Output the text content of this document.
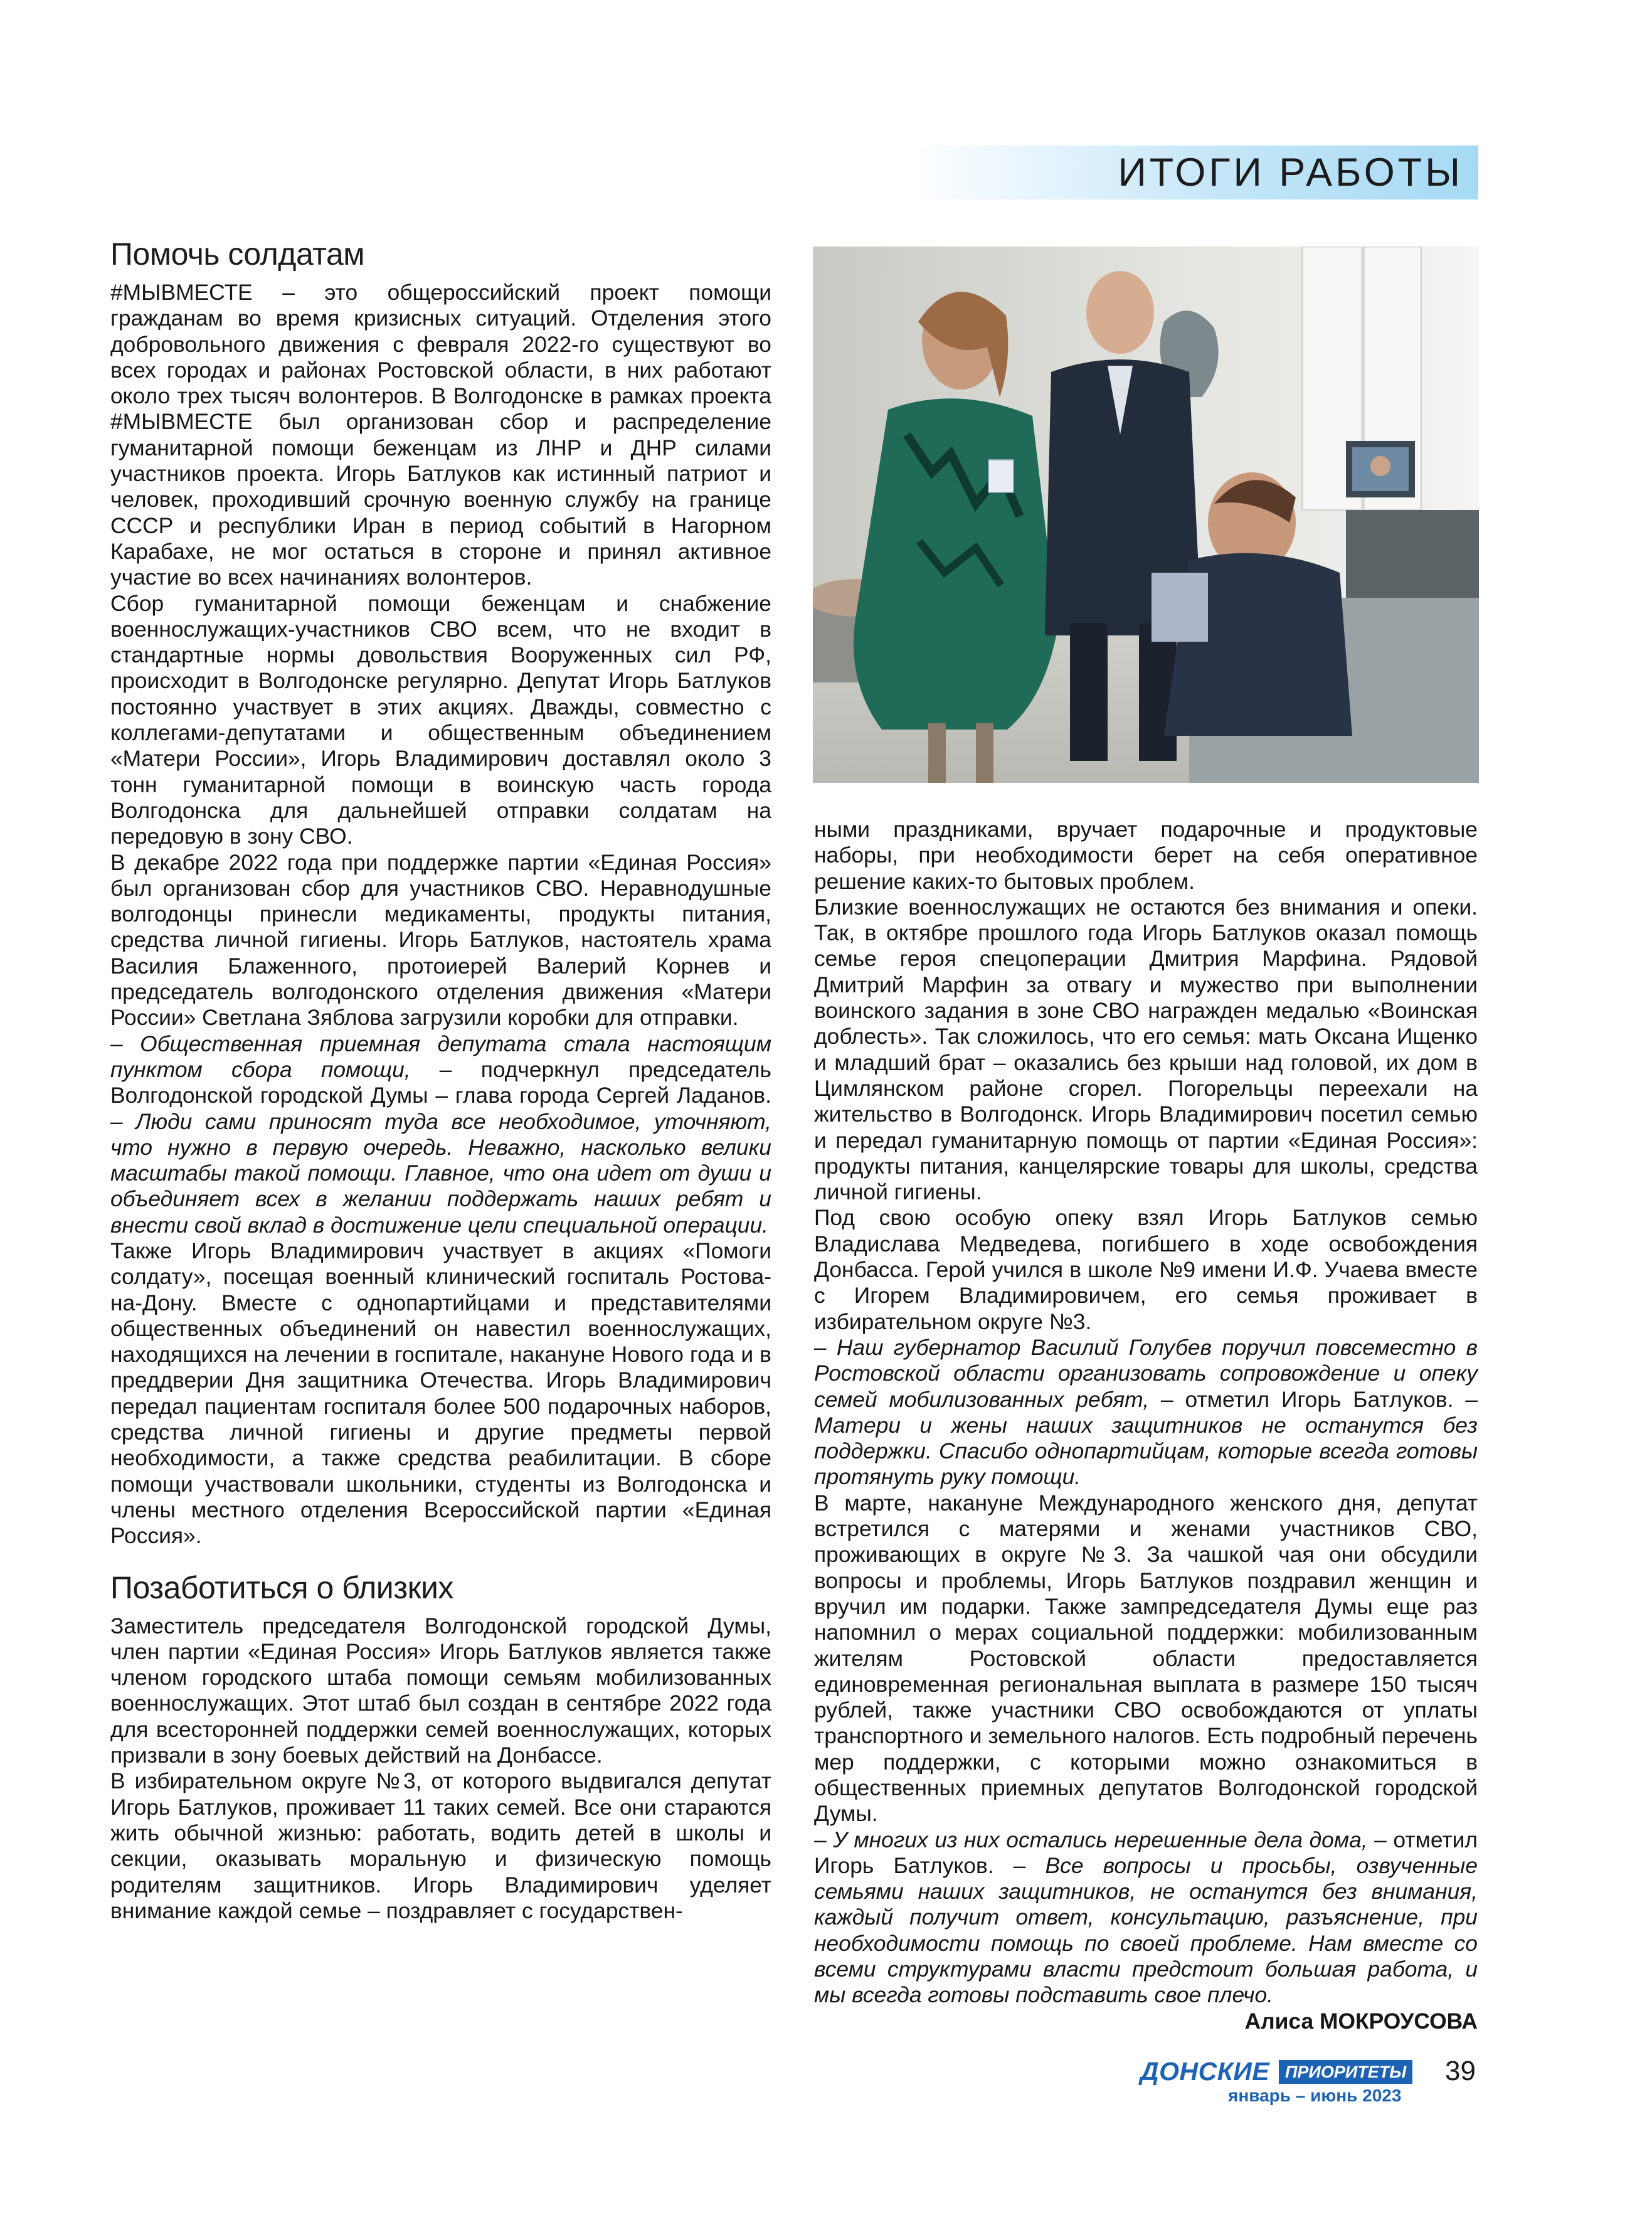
ИТОГИ РАБОТЫ
Помочь солдатам

#МЫВМЕСТЕ – это общероссийский проект помощи гражданам во время кризисных ситуаций. Отделения этого добровольного движения с февраля 2022-го существуют во всех городах и районах Ростовской области, в них работают около трех тысяч волонтеров. В Волгодонске в рамках проекта #МЫВМЕСТЕ был организован сбор и распределение гуманитарной помощи беженцам из ЛНР и ДНР силами участников проекта. Игорь Батлуков как истинный патриот и человек, проходивший срочную военную службу на границе СССР и республики Иран в период событий в Нагорном Карабахе, не мог остаться в стороне и принял активное участие во всех начинаниях волонтеров.

Сбор гуманитарной помощи беженцам и снабжение военнослужащих-участников СВО всем, что не входит в стандартные нормы довольствия Вооруженных сил РФ, происходит в Волгодонске регулярно. Депутат Игорь Батлуков постоянно участвует в этих акциях. Дважды, совместно с коллегами-депутатами и общественным объединением «Матери России», Игорь Владимирович доставлял около 3 тонн гуманитарной помощи в воинскую часть города Волгодонска для дальнейшей отправки солдатам на передовую в зону СВО.

В декабре 2022 года при поддержке партии «Единая Россия» был организован сбор для участников СВО. Неравнодушные волгодонцы принесли медикаменты, продукты питания, средства личной гигиены. Игорь Батлуков, настоятель храма Василия Блаженного, протоиерей Валерий Корнев и председатель волгодонского отделения движения «Матери России» Светлана Зяблова загрузили коробки для отправки.

– Общественная приемная депутата стала настоящим пунктом сбора помощи, – подчеркнул председатель Волгодонской городской Думы – глава города Сергей Ладанов. – Люди сами приносят туда все необходимое, уточняют, что нужно в первую очередь. Неважно, насколько велики масштабы такой помощи. Главное, что она идет от души и объединяет всех в желании поддержать наших ребят и внести свой вклад в достижение цели специальной операции.

Также Игорь Владимирович участвует в акциях «Помоги солдату», посещая военный клинический госпиталь Ростова-на-Дону. Вместе с однопартийцами и представителями общественных объединений он навестил военнослужащих, находящихся на лечении в госпитале, накануне Нового года и в преддверии Дня защитника Отечества. Игорь Владимирович передал пациентам госпиталя более 500 подарочных наборов, средства личной гигиены и другие предметы первой необходимости, а также средства реабилитации. В сборе помощи участвовали школьники, студенты из Волгодонска и члены местного отделения Всероссийской партии «Единая Россия».

Позаботиться о близких

Заместитель председателя Волгодонской городской Думы, член партии «Единая Россия» Игорь Батлуков является также членом городского штаба помощи семьям мобилизованных военнослужащих. Этот штаб был создан в сентябре 2022 года для всесторонней поддержки семей военнослужащих, которых призвали в зону боевых действий на Донбассе.

В избирательном округе №3, от которого выдвигался депутат Игорь Батлуков, проживает 11 таких семей. Все они стараются жить обычной жизнью: работать, водить детей в школы и секции, оказывать моральную и физическую помощь родителям защитников. Игорь Владимирович уделяет внимание каждой семье – поздравляет с государствен-

ными праздниками, вручает подарочные и продуктовые наборы, при необходимости берет на себя оперативное решение каких-то бытовых проблем.

Близкие военнослужащих не остаются без внимания и опеки. Так, в октябре прошлого года Игорь Батлуков оказал помощь семье героя спецоперации Дмитрия Марфина. Рядовой Дмитрий Марфин за отвагу и мужество при выполнении воинского задания в зоне СВО награжден медалью «Воинская доблесть». Так сложилось, что его семья: мать Оксана Ищенко и младший брат – оказались без крыши над головой, их дом в Цимлянском районе сгорел. Погорельцы переехали на жительство в Волгодонск. Игорь Владимирович посетил семью и передал гуманитарную помощь от партии «Единая Россия»: продукты питания, канцелярские товары для школы, средства личной гигиены.

Под свою особую опеку взял Игорь Батлуков семью Владислава Медведева, погибшего в ходе освобождения Донбасса. Герой учился в школе №9 имени И.Ф. Учаева вместе с Игорем Владимировичем, его семья проживает в избирательном округе №3.

– Наш губернатор Василий Голубев поручил повсеместно в Ростовской области организовать сопровождение и опеку семей мобилизованных ребят, – отметил Игорь Батлуков. – Матери и жены наших защитников не останутся без поддержки. Спасибо однопартийцам, которые всегда готовы протянуть руку помощи.

В марте, накануне Международного женского дня, депутат встретился с матерями и женами участников СВО, проживающих в округе №3. За чашкой чая они обсудили вопросы и проблемы, Игорь Батлуков поздравил женщин и вручил им подарки. Также зампредседателя Думы еще раз напомнил о мерах социальной поддержки: мобилизованным жителям Ростовской области предоставляется единовременная региональная выплата в размере 150 тысяч рублей, также участники СВО освобождаются от уплаты транспортного и земельного налогов. Есть подробный перечень мер поддержки, с которыми можно ознакомиться в общественных приемных депутатов Волгодонской городской Думы.

– У многих из них остались нерешенные дела дома, – отметил Игорь Батлуков. – Все вопросы и просьбы, озвученные семьями наших защитников, не останутся без внимания, каждый получит ответ, консультацию, разъяснение, при необходимости помощь по своей проблеме. Нам вместе со всеми структурами власти предстоит большая работа, и мы всегда готовы подставить свое плечо.

Алиса МОКРОУСОВА

ДОНСКИЕ ПРИОРИТЕТЫ
январь – июнь 2023
39
